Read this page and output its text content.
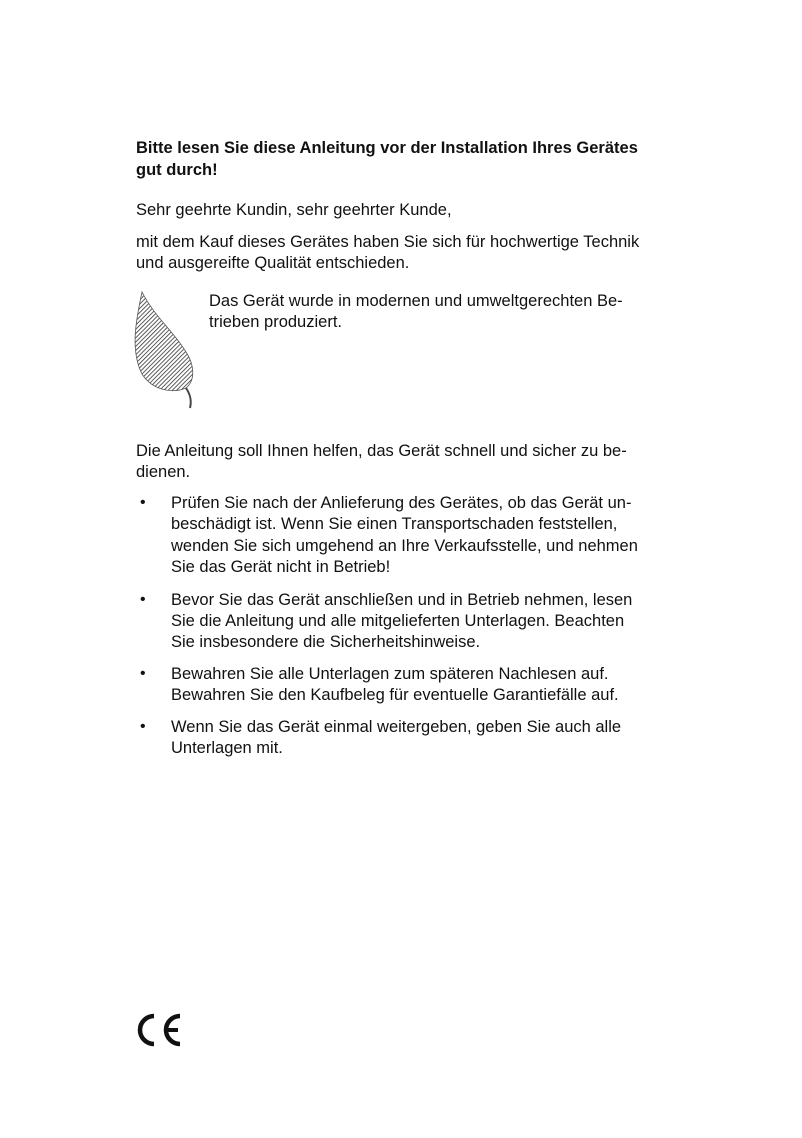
Bitte lesen Sie diese Anleitung vor der Installation Ihres Gerätes
gut durch!
Sehr geehrte Kundin, sehr geehrter Kunde,
mit dem Kauf dieses Gerätes haben Sie sich für hochwertige Technik
und ausgereifte Qualität entschieden.
Das Gerät wurde in modernen und umweltgerechten Be-
trieben produziert.
Die Anleitung soll Ihnen helfen, das Gerät schnell und sicher zu be-
dienen.
• Prüfen Sie nach der Anlieferung des Gerätes, ob das Gerät un-
beschädigt ist. Wenn Sie einen Transportschaden feststellen,
wenden Sie sich umgehend an Ihre Verkaufsstelle, und nehmen
Sie das Gerät nicht in Betrieb!
• Bevor Sie das Gerät anschließen und in Betrieb nehmen, lesen
Sie die Anleitung und alle mitgelieferten Unterlagen. Beachten
Sie insbesondere die Sicherheitshinweise.
• Bewahren Sie alle Unterlagen zum späteren Nachlesen auf.
Bewahren Sie den Kaufbeleg für eventuelle Garantiefälle auf.
• Wenn Sie das Gerät einmal weitergeben, geben Sie auch alle
Unterlagen mit.
